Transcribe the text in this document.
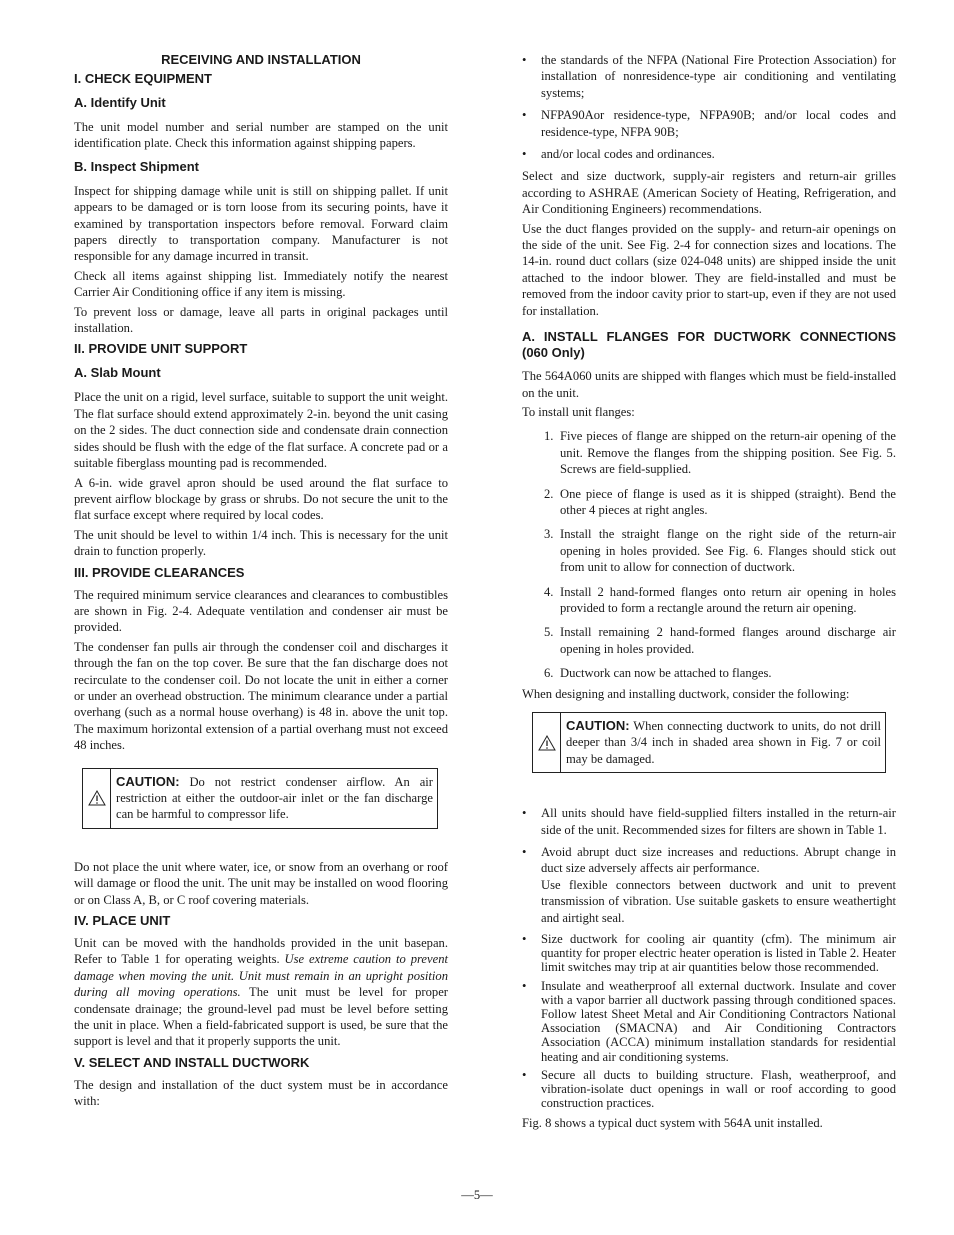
RECEIVING AND INSTALLATION
I. CHECK EQUIPMENT
A. Identify Unit

The unit model number and serial number are stamped on the unit identification plate. Check this information against shipping papers.

B. Inspect Shipment

Inspect for shipping damage while unit is still on shipping pallet. If unit appears to be damaged or is torn loose from its securing points, have it examined by transportation inspectors before removal. Forward claim papers directly to transportation company. Manufacturer is not responsible for any damage incurred in transit.

Check all items against shipping list. Immediately notify the nearest Carrier Air Conditioning office if any item is missing.

To prevent loss or damage, leave all parts in original packages until installation.

II. PROVIDE UNIT SUPPORT
A. Slab Mount

Place the unit on a rigid, level surface, suitable to support the unit weight. The flat surface should extend approximately 2-in. beyond the unit casing on the 2 sides. The duct connection side and condensate drain connection sides should be flush with the edge of the flat surface. A concrete pad or a suitable fiberglass mounting pad is recommended.

A 6-in. wide gravel apron should be used around the flat surface to prevent airflow blockage by grass or shrubs. Do not secure the unit to the flat surface except where required by local codes.

The unit should be level to within 1/4 inch. This is necessary for the unit drain to function properly.

III. PROVIDE CLEARANCES

The required minimum service clearances and clearances to combustibles are shown in Fig. 2-4. Adequate ventilation and condenser air must be provided.

The condenser fan pulls air through the condenser coil and discharges it through the fan on the top cover. Be sure that the fan discharge does not recirculate to the condenser coil. Do not locate the unit in either a corner or under an overhead obstruction. The minimum clearance under a partial overhang (such as a normal house overhang) is 48 in. above the unit top. The maximum horizontal extension of a partial overhang must not exceed 48 inches.

CAUTION: Do not restrict condenser airflow. An air restriction at either the outdoor-air inlet or the fan discharge can be harmful to compressor life.

Do not place the unit where water, ice, or snow from an overhang or roof will damage or flood the unit. The unit may be installed on wood flooring or on Class A, B, or C roof covering materials.

IV. PLACE UNIT

Unit can be moved with the handholds provided in the unit basepan. Refer to Table 1 for operating weights. Use extreme caution to prevent damage when moving the unit. Unit must remain in an upright position during all moving operations. The unit must be level for proper condensate drainage; the ground-level pad must be level before setting the unit in place. When a field-fabricated support is used, be sure that the support is level and that it properly supports the unit.

V. SELECT AND INSTALL DUCTWORK

The design and installation of the duct system must be in accordance with:

• the standards of the NFPA (National Fire Protection Association) for installation of nonresidence-type air conditioning and ventilating systems;
• NFPA90Aor residence-type, NFPA90B; and/or local codes and residence-type, NFPA 90B;
• and/or local codes and ordinances.

Select and size ductwork, supply-air registers and return-air grilles according to ASHRAE (American Society of Heating, Refrigeration, and Air Conditioning Engineers) recommendations.

Use the duct flanges provided on the supply- and return-air openings on the side of the unit. See Fig. 2-4 for connection sizes and locations. The 14-in. round duct collars (size 024-048 units) are shipped inside the unit attached to the indoor blower. They are field-installed and must be removed from the indoor cavity prior to start-up, even if they are not used for installation.

A. INSTALL FLANGES FOR DUCTWORK CONNECTIONS (060 Only)

The 564A060 units are shipped with flanges which must be field-installed on the unit.

To install unit flanges:

1. Five pieces of flange are shipped on the return-air opening of the unit. Remove the flanges from the shipping position. See Fig. 5. Screws are field-supplied.
2. One piece of flange is used as it is shipped (straight). Bend the other 4 pieces at right angles.
3. Install the straight flange on the right side of the return-air opening in holes provided. See Fig. 6. Flanges should stick out from unit to allow for connection of ductwork.
4. Install 2 hand-formed flanges onto return air opening in holes provided to form a rectangle around the return air opening.
5. Install remaining 2 hand-formed flanges around discharge air opening in holes provided.
6. Ductwork can now be attached to flanges.

When designing and installing ductwork, consider the following:

CAUTION: When connecting ductwork to units, do not drill deeper than 3/4 inch in shaded area shown in Fig. 7 or coil may be damaged.
• All units should have field-supplied filters installed in the return-air side of the unit. Recommended sizes for filters are shown in Table 1.
• Avoid abrupt duct size increases and reductions. Abrupt change in duct size adversely affects air performance.
Use flexible connectors between ductwork and unit to prevent transmission of vibration. Use suitable gaskets to ensure weathertight and airtight seal.
• Size ductwork for cooling air quantity (cfm). The minimum air quantity for proper electric heater operation is listed in Table 2. Heater limit switches may trip at air quantities below those recommended.
• Insulate and weatherproof all external ductwork. Insulate and cover with a vapor barrier all ductwork passing through conditioned spaces. Follow latest Sheet Metal and Air Conditioning Contractors National Association (SMACNA) and Air Conditioning Contractors Association (ACCA) minimum installation standards for residential heating and air conditioning systems.
• Secure all ducts to building structure. Flash, weatherproof, and vibration-isolate duct openings in wall or roof according to good construction practices.

Fig. 8 shows a typical duct system with 564A unit installed.

—5—
